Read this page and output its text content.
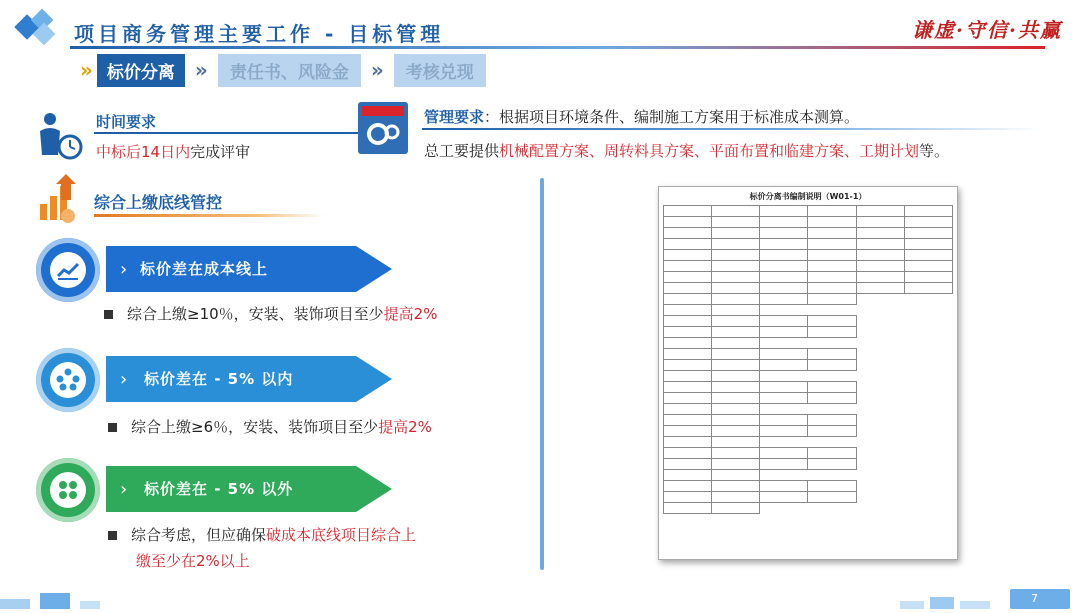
项目商务管理主要工作 - 目标管理	谦虚·守信·共赢
» 标价分离	»	责任书、风险金	»	考核兑现
时间要求
中标后14日内完成评审
管理要求：根据项目环境条件、编制施工方案用于标准成本测算。
总工要提供机械配置方案、周转料具方案、平面布置和临建方案、工期计划等。
综合上缴底线管控
› 标价差在成本线上
综合上缴≥10％，安装、装饰项目至少提高2%
› 标价差在 - 5% 以内
综合上缴≥6％，安装、装饰项目至少提高2%
› 标价差在 - 5% 以外
综合考虑，但应确保破成本底线项目综合上
缴至少在2%以上
标价分离书编制说明（W01-1）

7
